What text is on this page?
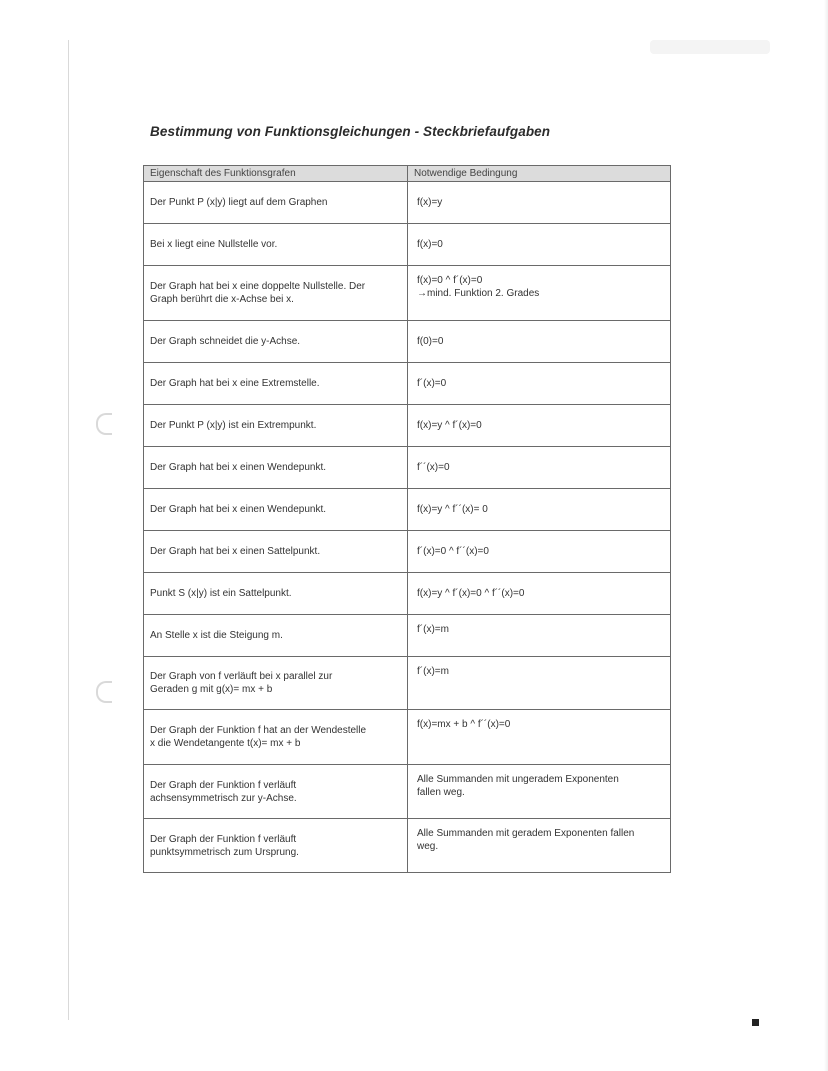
Bestimmung von Funktionsgleichungen - Steckbriefaufgaben
Eigenschaft des Funktionsgrafen	Notwendige Bedingung

Der Punkt P (x|y) liegt auf dem Graphen	f(x)=y

Bei x liegt eine Nullstelle vor.	f(x)=0

Der Graph hat bei x eine doppelte Nullstelle. Der
Graph berührt die x-Achse bei x.	f(x)=0 ^ f´(x)=0
→mind. Funktion 2. Grades

Der Graph schneidet die y-Achse.	f(0)=0

Der Graph hat bei x eine Extremstelle.	f´(x)=0

Der Punkt P (x|y) ist ein Extrempunkt.	f(x)=y ^ f´(x)=0

Der Graph hat bei x einen Wendepunkt.	f´´(x)=0

Der Graph hat bei x einen Wendepunkt.	f(x)=y ^ f´´(x)= 0

Der Graph hat bei x einen Sattelpunkt.	f´(x)=0 ^ f´´(x)=0

Punkt S (x|y) ist ein Sattelpunkt.	f(x)=y ^ f´(x)=0 ^ f´´(x)=0

An Stelle x ist die Steigung m.	f´(x)=m

Der Graph von f verläuft bei x parallel zur
Geraden g mit g(x)= mx + b	f´(x)=m

Der Graph der Funktion f hat an der Wendestelle
x die Wendetangente t(x)= mx + b	f(x)=mx + b ^ f´´(x)=0

Der Graph der Funktion f verläuft
achsensymmetrisch zur y-Achse.	Alle Summanden mit ungeradem Exponenten
fallen weg.

Der Graph der Funktion f verläuft
punktsymmetrisch zum Ursprung.	Alle Summanden mit geradem Exponenten fallen
weg.
